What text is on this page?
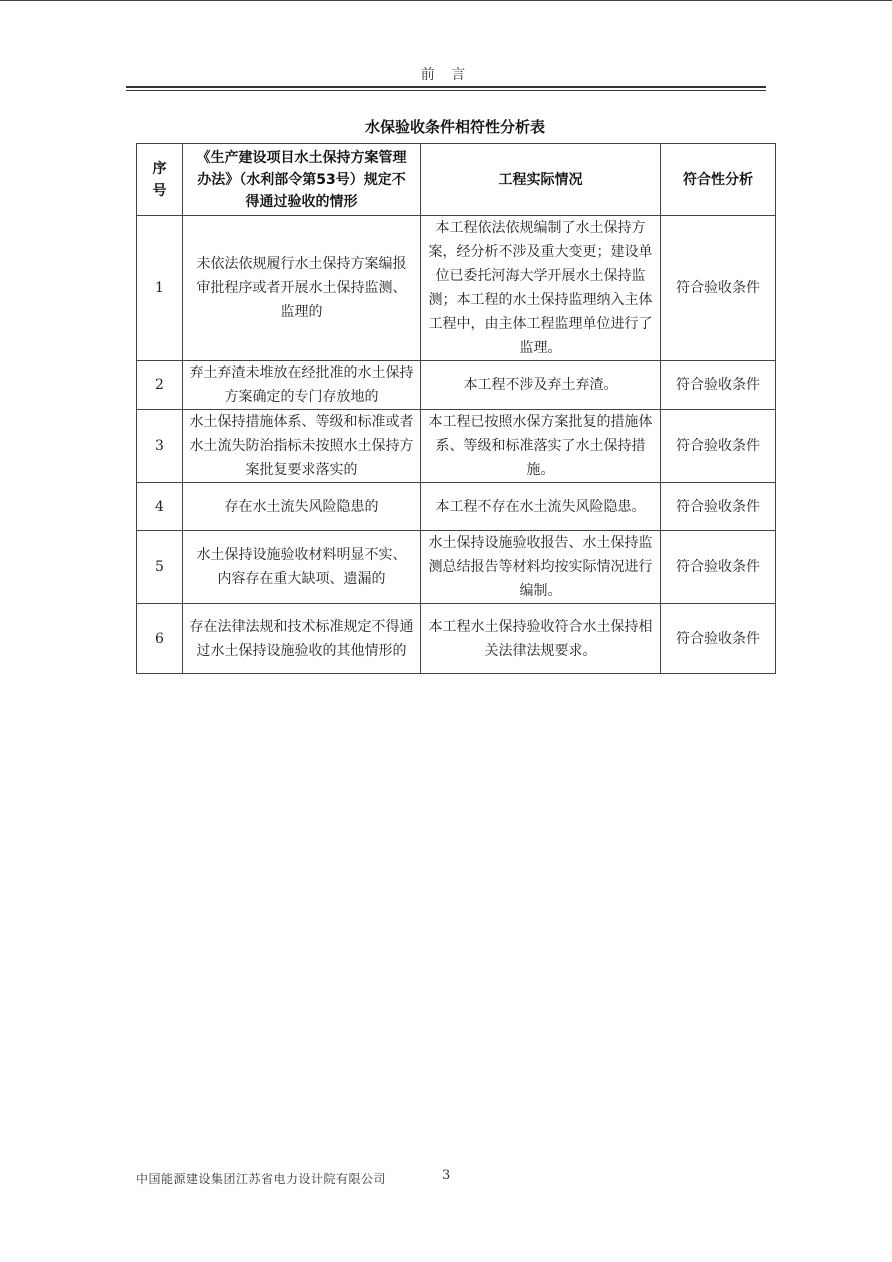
前 言
水保验收条件相符性分析表
序号	《生产建设项目水土保持方案管理办法》（水利部令第53号）规定不得通过验收的情形	工程实际情况	符合性分析
1	未依法依规履行水土保持方案编报审批程序或者开展水土保持监测、监理的	本工程依法依规编制了水土保持方案，经分析不涉及重大变更；建设单位已委托河海大学开展水土保持监测；本工程的水土保持监理纳入主体工程中，由主体工程监理单位进行了监理。	符合验收条件
2	弃土弃渣未堆放在经批准的水土保持方案确定的专门存放地的	本工程不涉及弃土弃渣。	符合验收条件
3	水土保持措施体系、等级和标准或者水土流失防治指标未按照水土保持方案批复要求落实的	本工程已按照水保方案批复的措施体系、等级和标准落实了水土保持措施。	符合验收条件
4	存在水土流失风险隐患的	本工程不存在水土流失风险隐患。	符合验收条件
5	水土保持设施验收材料明显不实、内容存在重大缺项、遗漏的	水土保持设施验收报告、水土保持监测总结报告等材料均按实际情况进行编制。	符合验收条件
6	存在法律法规和技术标准规定不得通过水土保持设施验收的其他情形的	本工程水土保持验收符合水土保持相关法律法规要求。	符合验收条件
中国能源建设集团江苏省电力设计院有限公司	3
